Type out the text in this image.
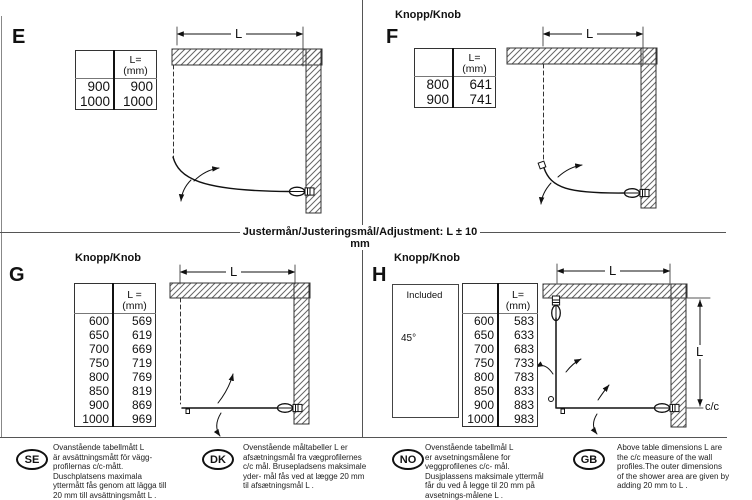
Justermån/Justeringsmål/Adjustment: L ± 10 mm
E	F
G	H
Knopp/Knob
Knopp/Knob	Knopp/Knob
L	L
L	L
L
c/c

	L=
(mm)

900	900
1000	1000

	L=
(mm)

800	641
900	741

	L =
(mm)

600	569
650	619
700	669
750	719
800	769
850	819
900	869
1000	969

	L=
(mm)

600	583
650	633
700	683
750	733
800	783
850	833
900	883
1000	983
Included
45°
SE
Ovanstående tabellmått L
är avsättningsmått för vägg-
profilernas c/c-mått.
Duschplatsens maximala
yttermått fås genom att lägga till
20 mm till avsättningsmått L .
DK
Ovenstående måltabeller L er
afsætningsmål fra vægprofilernes
c/c mål. Brusepladsens maksimale
yder- mål fås ved at lægge 20 mm
til afsætningsmål L .
NO
Ovenstående tabellmål L
er avsetningsmålene for
veggprofilenes c/c- mål.
Dusjplassens maksimale yttermål
får du ved å legge til 20 mm på
avsetnings-målene L .
GB
Above table dimensions L are
the c/c measure of the wall
profiles.The outer dimensions
of the shower area are given by
adding 20 mm to L .
